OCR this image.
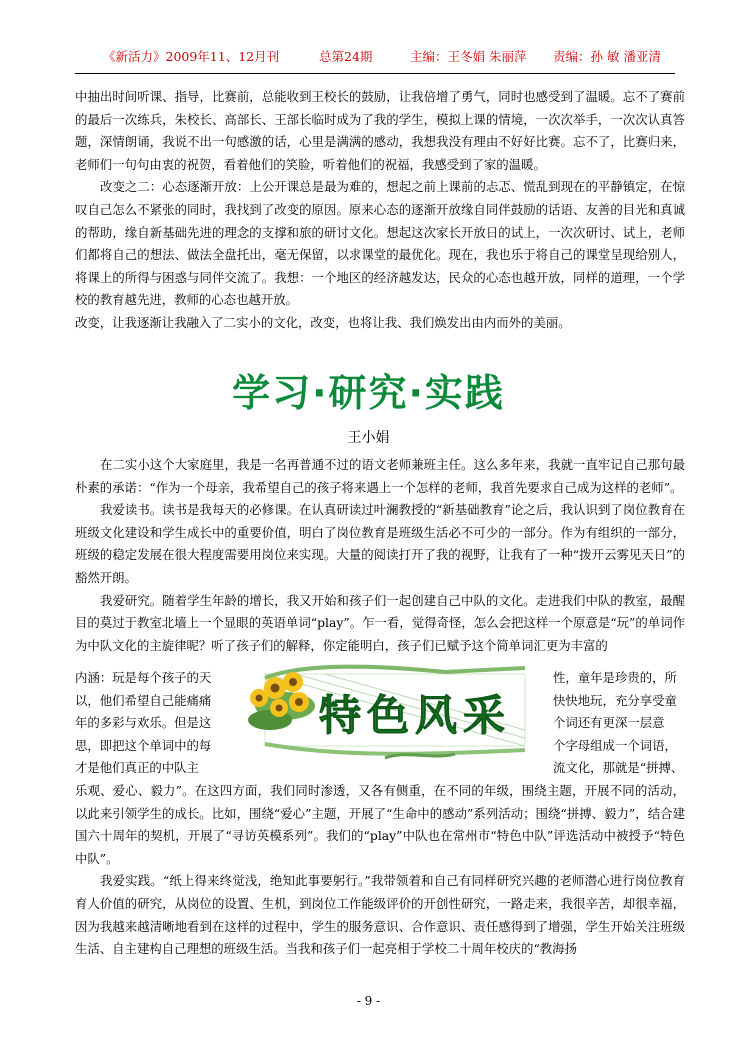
《新活力》2009年11、12月刊	总第24期	主编：王冬娟 朱丽萍 责编：孙 敏 潘亚清

中抽出时间听课、指导，比赛前，总能收到王校长的鼓励，让我倍增了勇气，同时也感受到了温暖。忘不了赛前的最后一次练兵，朱校长、高部长、王部长临时成为了我的学生，模拟上课的情境，一次次举手，一次次认真答题，深情朗诵，我说不出一句感激的话，心里是满满的感动，我想我没有理由不好好比赛。忘不了，比赛归来，老师们一句句由衷的祝贺，看着他们的笑脸，听着他们的祝福，我感受到了家的温暖。

改变之二：心态逐渐开放：上公开课总是最为难的，想起之前上课前的忐忑、慌乱到现在的平静镇定，在惊叹自己怎么不紧张的同时，我找到了改变的原因。原来心态的逐渐开放缘自同伴鼓励的话语、友善的目光和真诚的帮助，缘自新基础先进的理念的支撑和旅的研讨文化。想起这次家长开放日的试上，一次次研讨、试上，老师们都将自己的想法、做法全盘托出，毫无保留，以求课堂的最优化。现在，我也乐于将自己的课堂呈现给别人，将课上的所得与困惑与同伴交流了。我想：一个地区的经济越发达，民众的心态也越开放，同样的道理，一个学校的教育越先进，教师的心态也越开放。

改变，让我逐渐让我融入了二实小的文化，改变，也将让我、我们焕发出由内而外的美丽。

学习·研究·实践
王小娟

在二实小这个大家庭里，我是一名再普通不过的语文老师兼班主任。这么多年来，我就一直牢记自己那句最朴素的承诺：“作为一个母亲，我希望自己的孩子将来遇上一个怎样的老师，我首先要求自己成为这样的老师”。

我爱读书。读书是我每天的必修课。在认真研读过叶澜教授的“新基础教育”论之后，我认识到了岗位教育在班级文化建设和学生成长中的重要价值，明白了岗位教育是班级生活必不可少的一部分。作为有组织的一部分，班级的稳定发展在很大程度需要用岗位来实现。大量的阅读打开了我的视野，让我有了一种“拨开云雾见天日”的豁然开朗。

我爱研究。随着学生年龄的增长，我又开始和孩子们一起创建自己中队的文化。走进我们中队的教室，最醒目的莫过于教室北墙上一个显眼的英语单词“play”。乍一看，觉得奇怪，怎么会把这样一个原意是“玩”的单词作为中队文化的主旋律呢？听了孩子们的解释，你定能明白，孩子们已赋予这个简单词汇更为丰富的

内涵：玩是每个孩子的天
以，他们希望自己能痛痛
年的多彩与欢乐。但是这
思，即把这个单词中的每
才是他们真正的中队主
性，童年是珍贵的，所
快快地玩，充分享受童
个词还有更深一层意
个字母组成一个词语，
流文化，那就是“拼搏、
特色风采

乐观、爱心、毅力”。在这四方面，我们同时渗透，又各有侧重，在不同的年级，围绕主题，开展不同的活动，以此来引领学生的成长。比如，围绕“爱心”主题，开展了“生命中的感动”系列活动；围绕“拼搏、毅力”，结合建国六十周年的契机，开展了“寻访英模系列”。我们的“play”中队也在常州市“特色中队”评选活动中被授予“特色中队”。

我爱实践。“纸上得来终觉浅，绝知此事要躬行。”我带领着和自己有同样研究兴趣的老师潜心进行岗位教育育人价值的研究，从岗位的设置、生机，到岗位工作能级评价的开创性研究，一路走来，我很辛苦，却很幸福，因为我越来越清晰地看到在这样的过程中，学生的服务意识、合作意识、责任感得到了增强，学生开始关注班级生活、自主建构自己理想的班级生活。当我和孩子们一起亮相于学校二十周年校庆的“教海扬

- 9 -
